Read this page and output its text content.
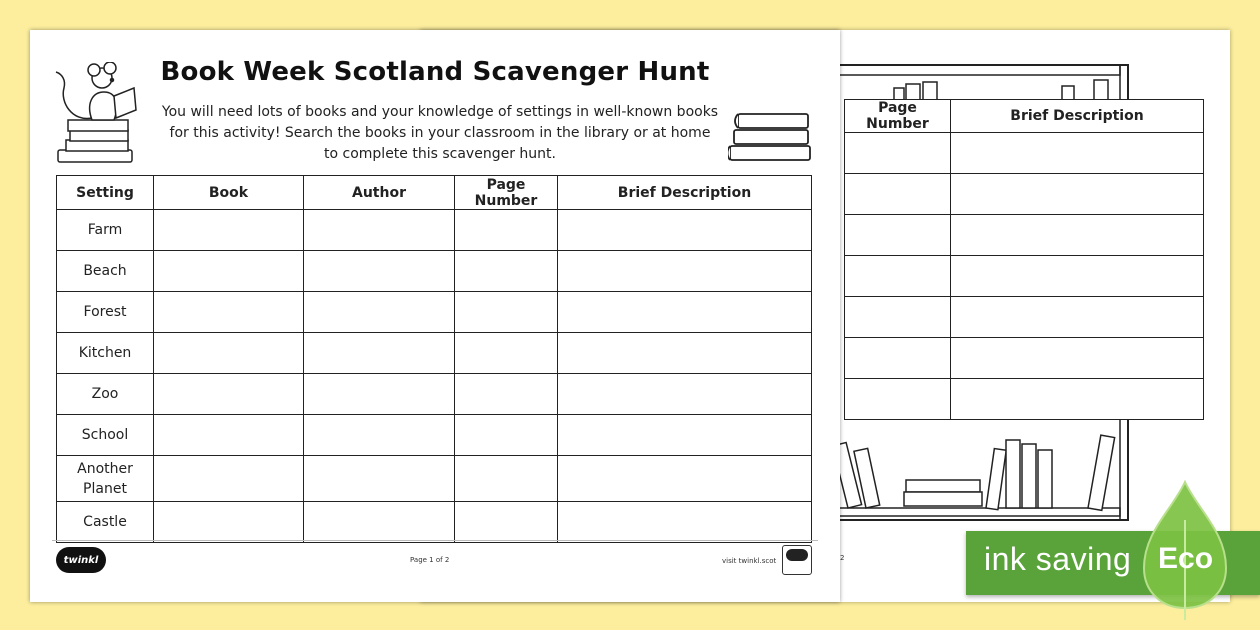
Page Number	Brief Description

2
Book Week Scotland Scavenger Hunt
You will need lots of books and your knowledge of settings in well-known books
for this activity! Search the books in your classroom in the library or at home
to complete this scavenger hunt.
Setting	Book	Author	Page Number	Brief Description
Farm				
Beach				
Forest				
Kitchen				
Zoo				
School				
Another Planet				
Castle				
twinkl	Page 1 of 2	visit twinkl.scot	ink saving Eco
